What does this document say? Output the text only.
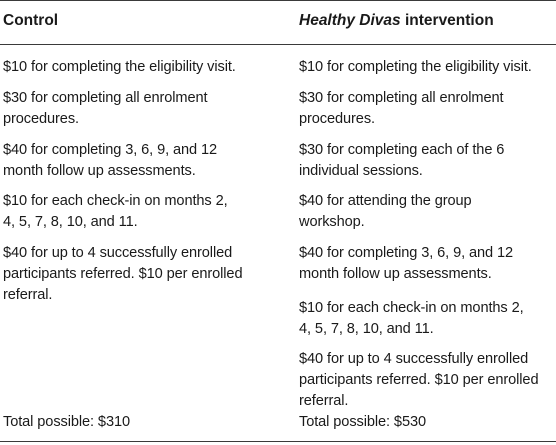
Control
$10 for completing the eligibility visit.
$30 for completing all enrolment
procedures.
$40 for completing 3, 6, 9, and 12
month follow up assessments.
$10 for each check-in on months 2,
4, 5, 7, 8, 10, and 11.
$40 for up to 4 successfully enrolled
participants referred. $10 per enrolled
referral.
Total possible: $310
Healthy Divas intervention
$10 for completing the eligibility visit.
$30 for completing all enrolment
procedures.
$30 for completing each of the 6
individual sessions.
$40 for attending the group
workshop.
$40 for completing 3, 6, 9, and 12
month follow up assessments.
$10 for each check-in on months 2,
4, 5, 7, 8, 10, and 11.
$40 for up to 4 successfully enrolled
participants referred. $10 per enrolled
referral.
Total possible: $530
